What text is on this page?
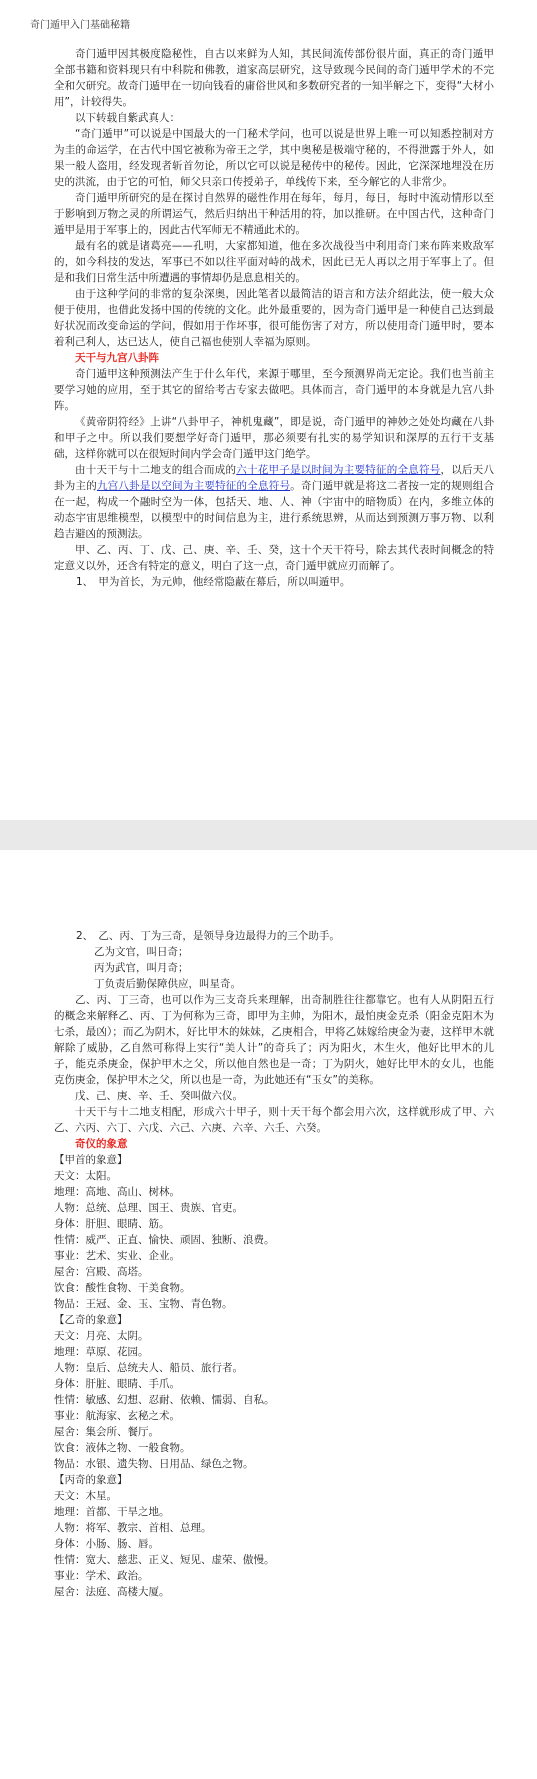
奇门遁甲入门基础秘籍

奇门遁甲因其极度隐秘性，自古以来鲜为人知，其民间流传部份很片面，真正的奇门遁甲全部书籍和资料现只有中科院和佛教，道家高层研究，这导致现今民间的奇门遁甲学术的不完全和欠研究。故奇门遁甲在一切向钱看的庸俗世风和多数研究者的一知半解之下，变得“大材小用”，计较得失。

以下转载自紫武真人：

“奇门遁甲”可以说是中国最大的一门秘术学问，也可以说是世界上唯一可以知悉控制对方为圭的命运学，在古代中国它被称为帝王之学，其中奥秘是极端守秘的，不得泄露于外人，如果一般人盗用，经发现者斩首勿论，所以它可以说是秘传中的秘传。因此，它深深地埋没在历史的洪流，由于它的可怕，师父只亲口传授弟子，单线传下来，至今解它的人非常少。

奇门遁甲所研究的是在探讨自然界的磁性作用在每年，每月，每日，每时中流动情形以至于影响到万物之灵的所谓运气，然后归纳出干种活用的符，加以推研。在中国古代，这种奇门遁甲是用于军事上的，因此古代军师无不精通此术的。

最有名的就是诸葛亮——孔明，大家都知道，他在多次战役当中利用奇门来布阵来败敌军的，如今科技的发达，军事已不如以往平面对峙的战术，因此已无人再以之用于军事上了。但是和我们日常生活中所遭遇的事情却仍是息息相关的。

由于这种学问的非常的复杂深奥，因此笔者以最简洁的语言和方法介绍此法，使一般大众便于使用，也借此发扬中国的传统的文化。此外最重要的，因为奇门遁甲是一种使自己达到最好状况而改变命运的学问，假如用于作坏事，很可能伤害了对方，所以使用奇门遁甲时，要本着利己利人，达已达人，使自己福也使别人幸福为原则。

天干与九宫八卦阵

奇门遁甲这种预测法产生于什么年代，来源于哪里，至今预测界尚无定论。我们也当前主要学习她的应用，至于其它的留给考古专家去做吧。具体而言，奇门遁甲的本身就是九宫八卦阵。

《黄帝阴符经》上讲“八卦甲子，神机鬼藏”，即是说，奇门遁甲的神妙之处处均藏在八卦和甲子之中。所以我们要想学好奇门遁甲，那必须要有扎实的易学知识和深厚的五行干支基础，这样你就可以在很短时间内学会奇门遁甲这门绝学。

由十天干与十二地支的组合而成的六十花甲子是以时间为主要特征的全息符号，以后天八卦为主的九宫八卦是以空间为主要特征的全息符号。奇门遁甲就是将这二者按一定的规则组合在一起，构成一个融时空为一体，包括天、地、人、神（宇宙中的暗物质）在内，多维立体的动态宇宙思维模型，以模型中的时间信息为主，进行系统思辨，从而达到预测万事万物、以利趋吉避凶的预测法。

甲、乙、丙、丁、戊、己、庚、辛、壬、癸，这十个天干符号，除去其代表时间概念的特定意义以外，还含有特定的意义，明白了这一点，奇门遁甲就应刃而解了。

1、　甲为首长，为元帅，他经常隐蔽在幕后，所以叫遁甲。

2、　乙、丙、丁为三奇，是领导身边最得力的三个助手。

乙为文官，叫日奇；

丙为武官，叫月奇；

丁负责后勤保障供应，叫星奇。

乙、丙、丁三奇，也可以作为三支奇兵来理解，出奇制胜往往都靠它。也有人从阴阳五行的概念来解释乙、丙、丁为何称为三奇，即甲为主帅，为阳木，最怕庚金克杀（阳金克阳木为七杀，最凶）；而乙为阴木，好比甲木的妹妹，乙庚相合，甲将乙妹嫁给庚金为妻，这样甲木就解除了威胁，乙自然可称得上实行“美人计”的奇兵了；丙为阳火，木生火，他好比甲木的儿子，能克杀庚金，保护甲木之父，所以他自然也是一奇；丁为阴火，她好比甲木的女儿，也能克伤庚金，保护甲木之父，所以也是一奇，为此她还有“玉女”的美称。

戊、己、庚、辛、壬、癸叫做六仪。

十天干与十二地支相配，形成六十甲子，则十天干每个都会用六次，这样就形成了甲、六乙、六丙、六丁、六戊、六己、六庚、六辛、六壬、六癸。

奇仪的象意

【甲首的象意】

天文：太阳。

地理：高地、高山、树林。

人物：总统、总理、国王、贵族、官吏。

身体：肝胆、眼睛、筋。

性情：威严、正直、愉快、顽固、独断、浪费。

事业：艺术、实业、企业。

屋舍：宫殿、高塔。

饮食：酸性食物、干美食物。

物品：王冠、金、玉、宝物、青色物。

【乙奇的象意】

天文：月亮、太阴。

地理：草原、花园。

人物：皇后、总统夫人、船员、旅行者。

身体：肝脏、眼睛、手爪。

性情：敏感、幻想、忍耐、依赖、懦弱、自私。

事业：航海家、玄秘之术。

屋舍：集会所、餐厅。

饮食：液体之物、一般食物。

物品：水银、遗失物、日用品、绿色之物。

【丙奇的象意】

天文：木星。

地理：首都、干旱之地。

人物：将军、教宗、首相、总理。

身体：小肠、肠、唇。

性情：宽大、慈悲、正义、短见、虚荣、傲慢。

事业：学术、政治。

屋舍：法庭、高楼大厦。
